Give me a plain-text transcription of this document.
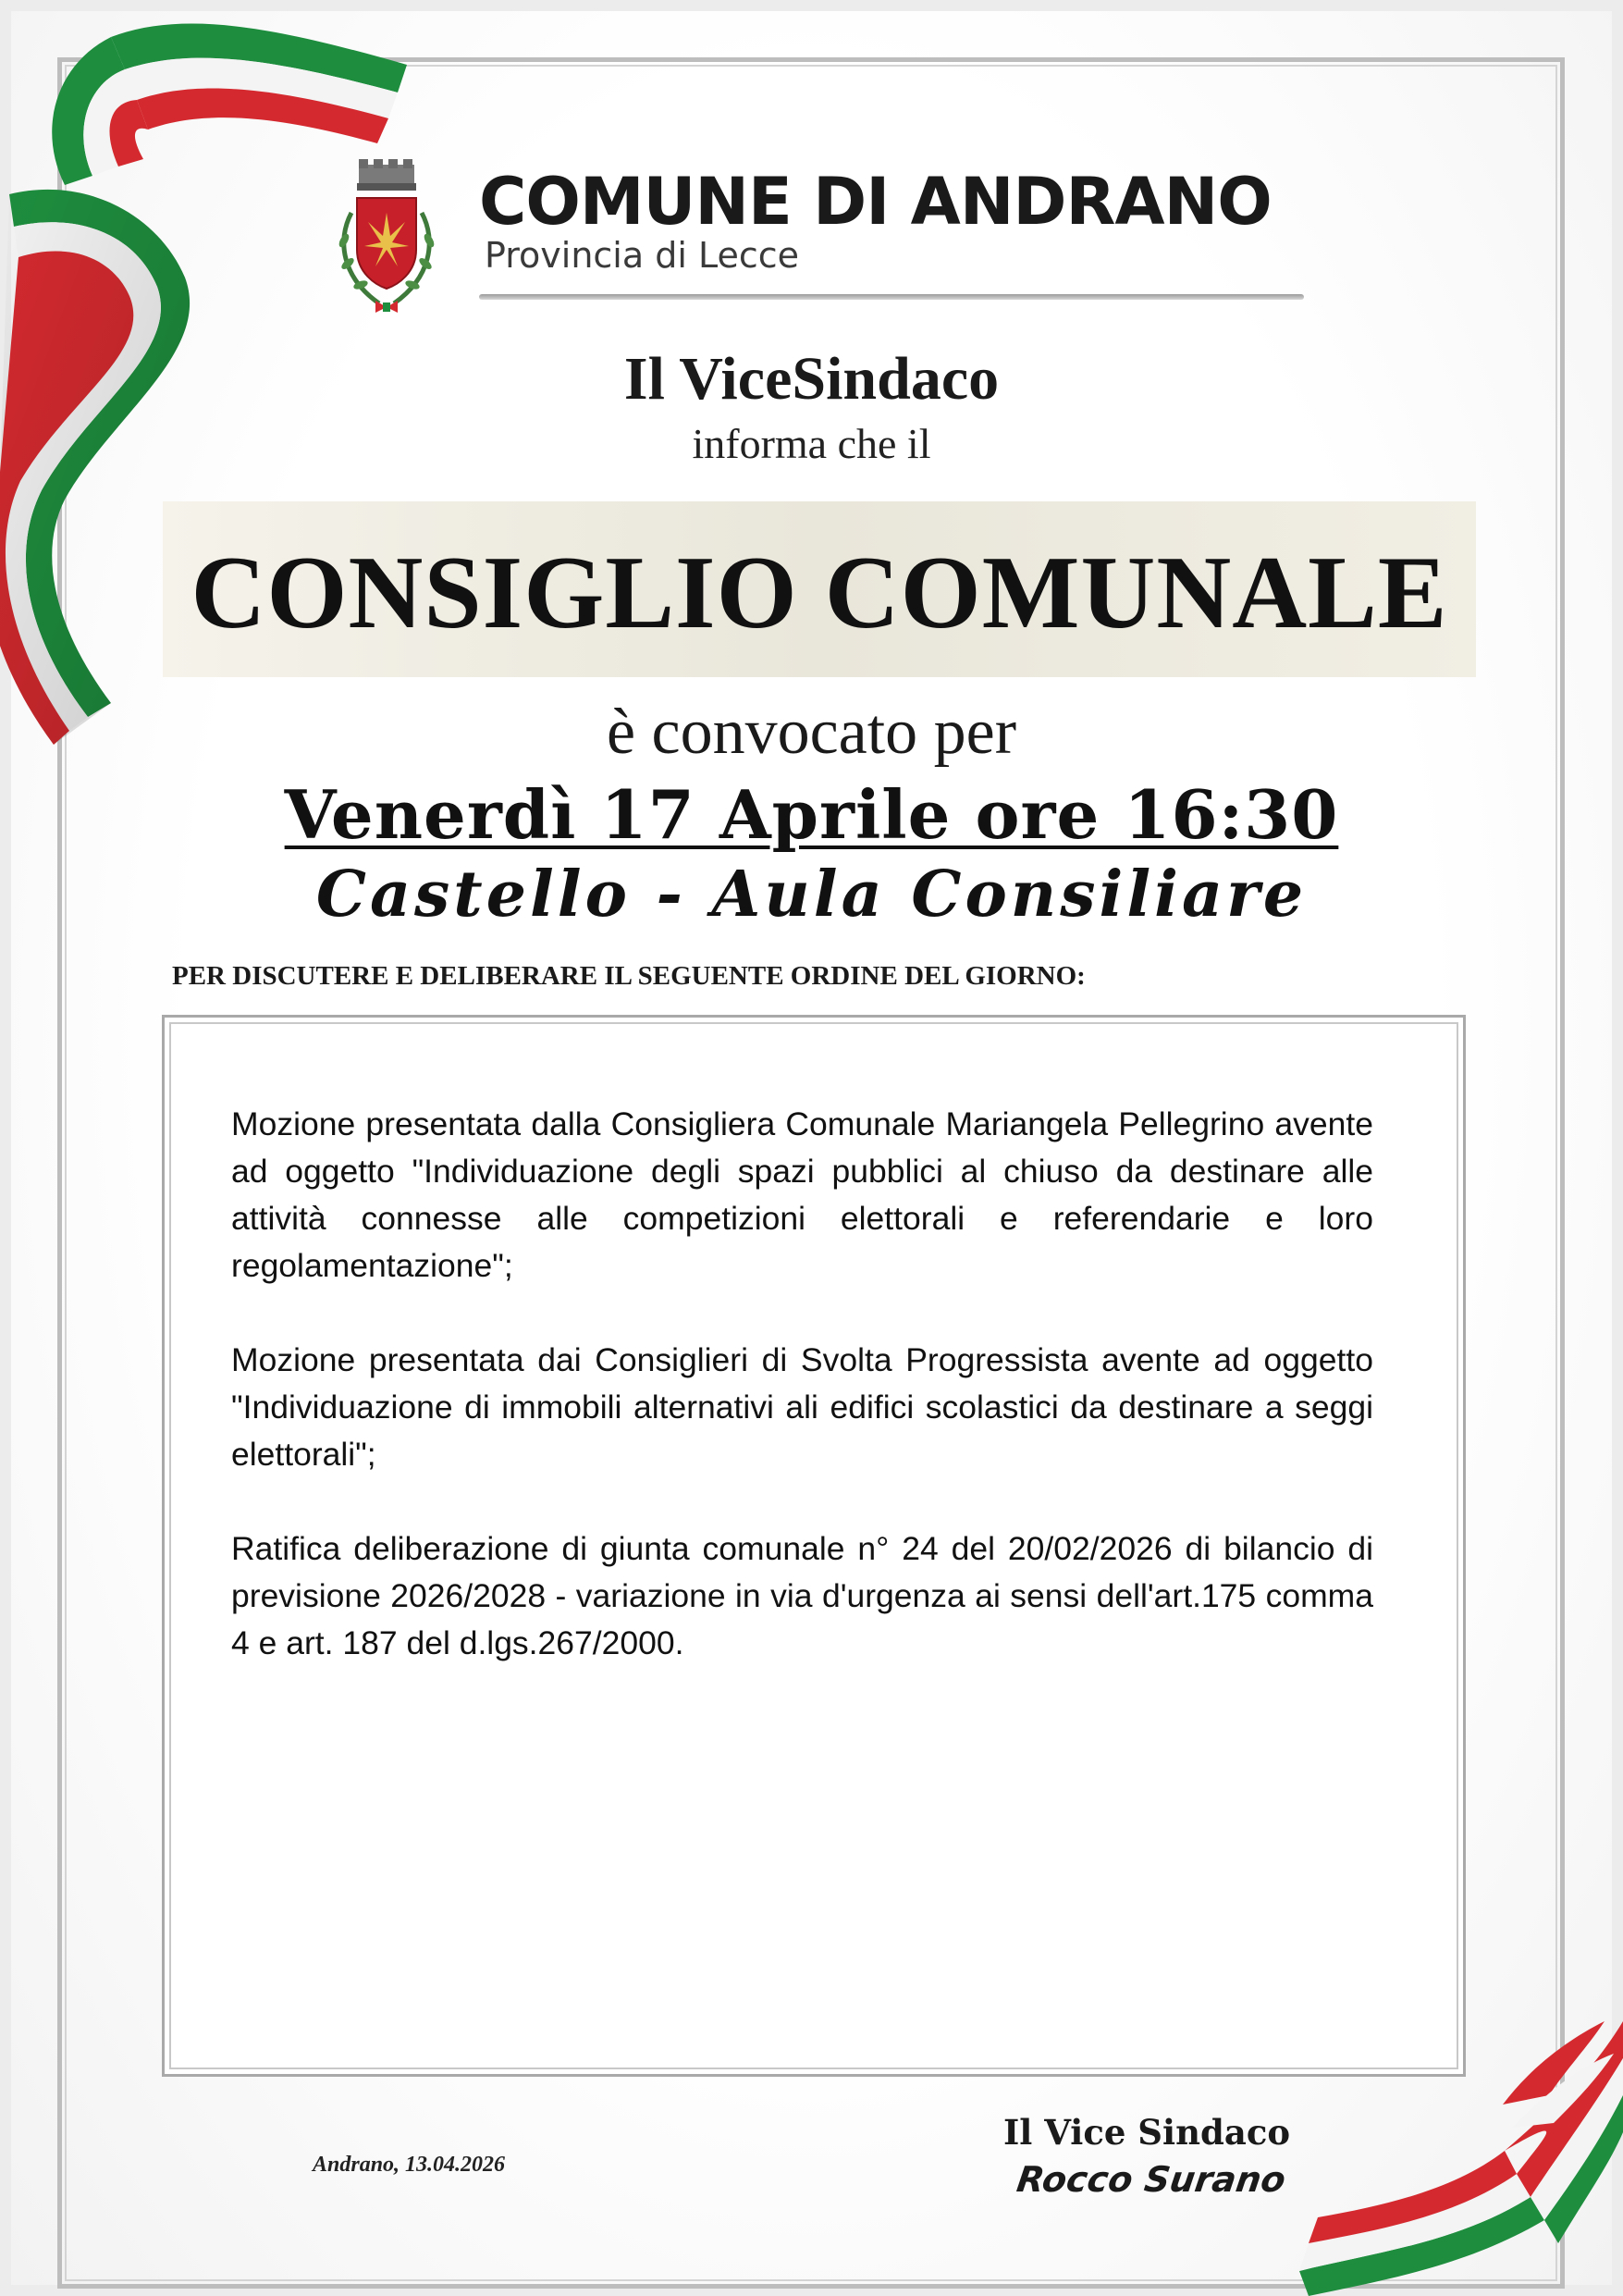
COMUNE DI ANDRANO
Provincia di Lecce
Il ViceSindaco
informa che il
CONSIGLIO COMUNALE
è convocato per
Venerdì 17 Aprile ore 16:30
Castello - Aula Consiliare
PER DISCUTERE E DELIBERARE IL SEGUENTE ORDINE DEL GIORNO:
Mozione presentata dalla Consigliera Comunale Mariangela Pellegrino avente ad oggetto "Individuazione degli spazi pubblici al chiuso da destinare alle attività connesse alle competizioni elettorali e referendarie e loro regolamentazione";
Mozione presentata dai Consiglieri di Svolta Progressista avente ad oggetto "Individuazione di immobili alternativi ali edifici scolastici da destinare a seggi elettorali";
Ratifica deliberazione di giunta comunale n° 24 del 20/02/2026 di bilancio di previsione 2026/2028 - variazione in via d'urgenza ai sensi dell'art.175 comma 4 e art. 187 del d.lgs.267/2000.
Andrano, 13.04.2026
Il Vice Sindaco
Rocco Surano
